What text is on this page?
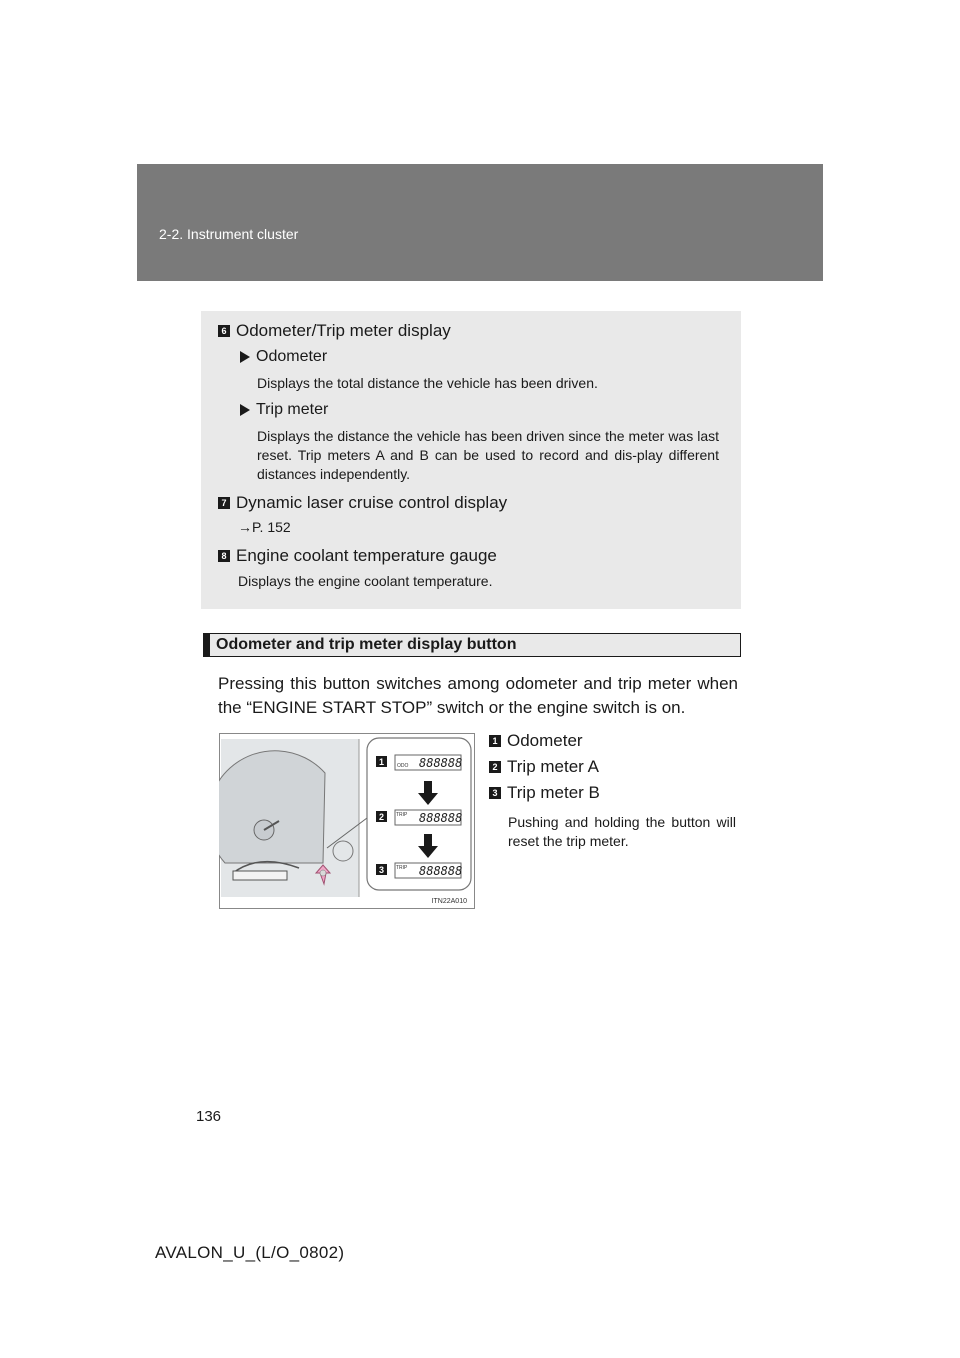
2-2. Instrument cluster
6 Odometer/Trip meter display
Odometer
Displays the total distance the vehicle has been driven.
Trip meter
Displays the distance the vehicle has been driven since the meter was last reset. Trip meters A and B can be used to record and dis-play different distances independently.
7 Dynamic laser cruise control display
→P. 152
8 Engine coolant temperature gauge
Displays the engine coolant temperature.
Odometer and trip meter display button
Pressing this button switches among odometer and trip meter when the “ENGINE START STOP” switch or the engine switch is on.
1	ODO 888888
2 TRIP 888888
3 TRIP 888888
ITN22A010
1 Odometer
2 Trip meter A
3 Trip meter B
Pushing and holding the button will reset the trip meter.
136
AVALON_U_(L/O_0802)
